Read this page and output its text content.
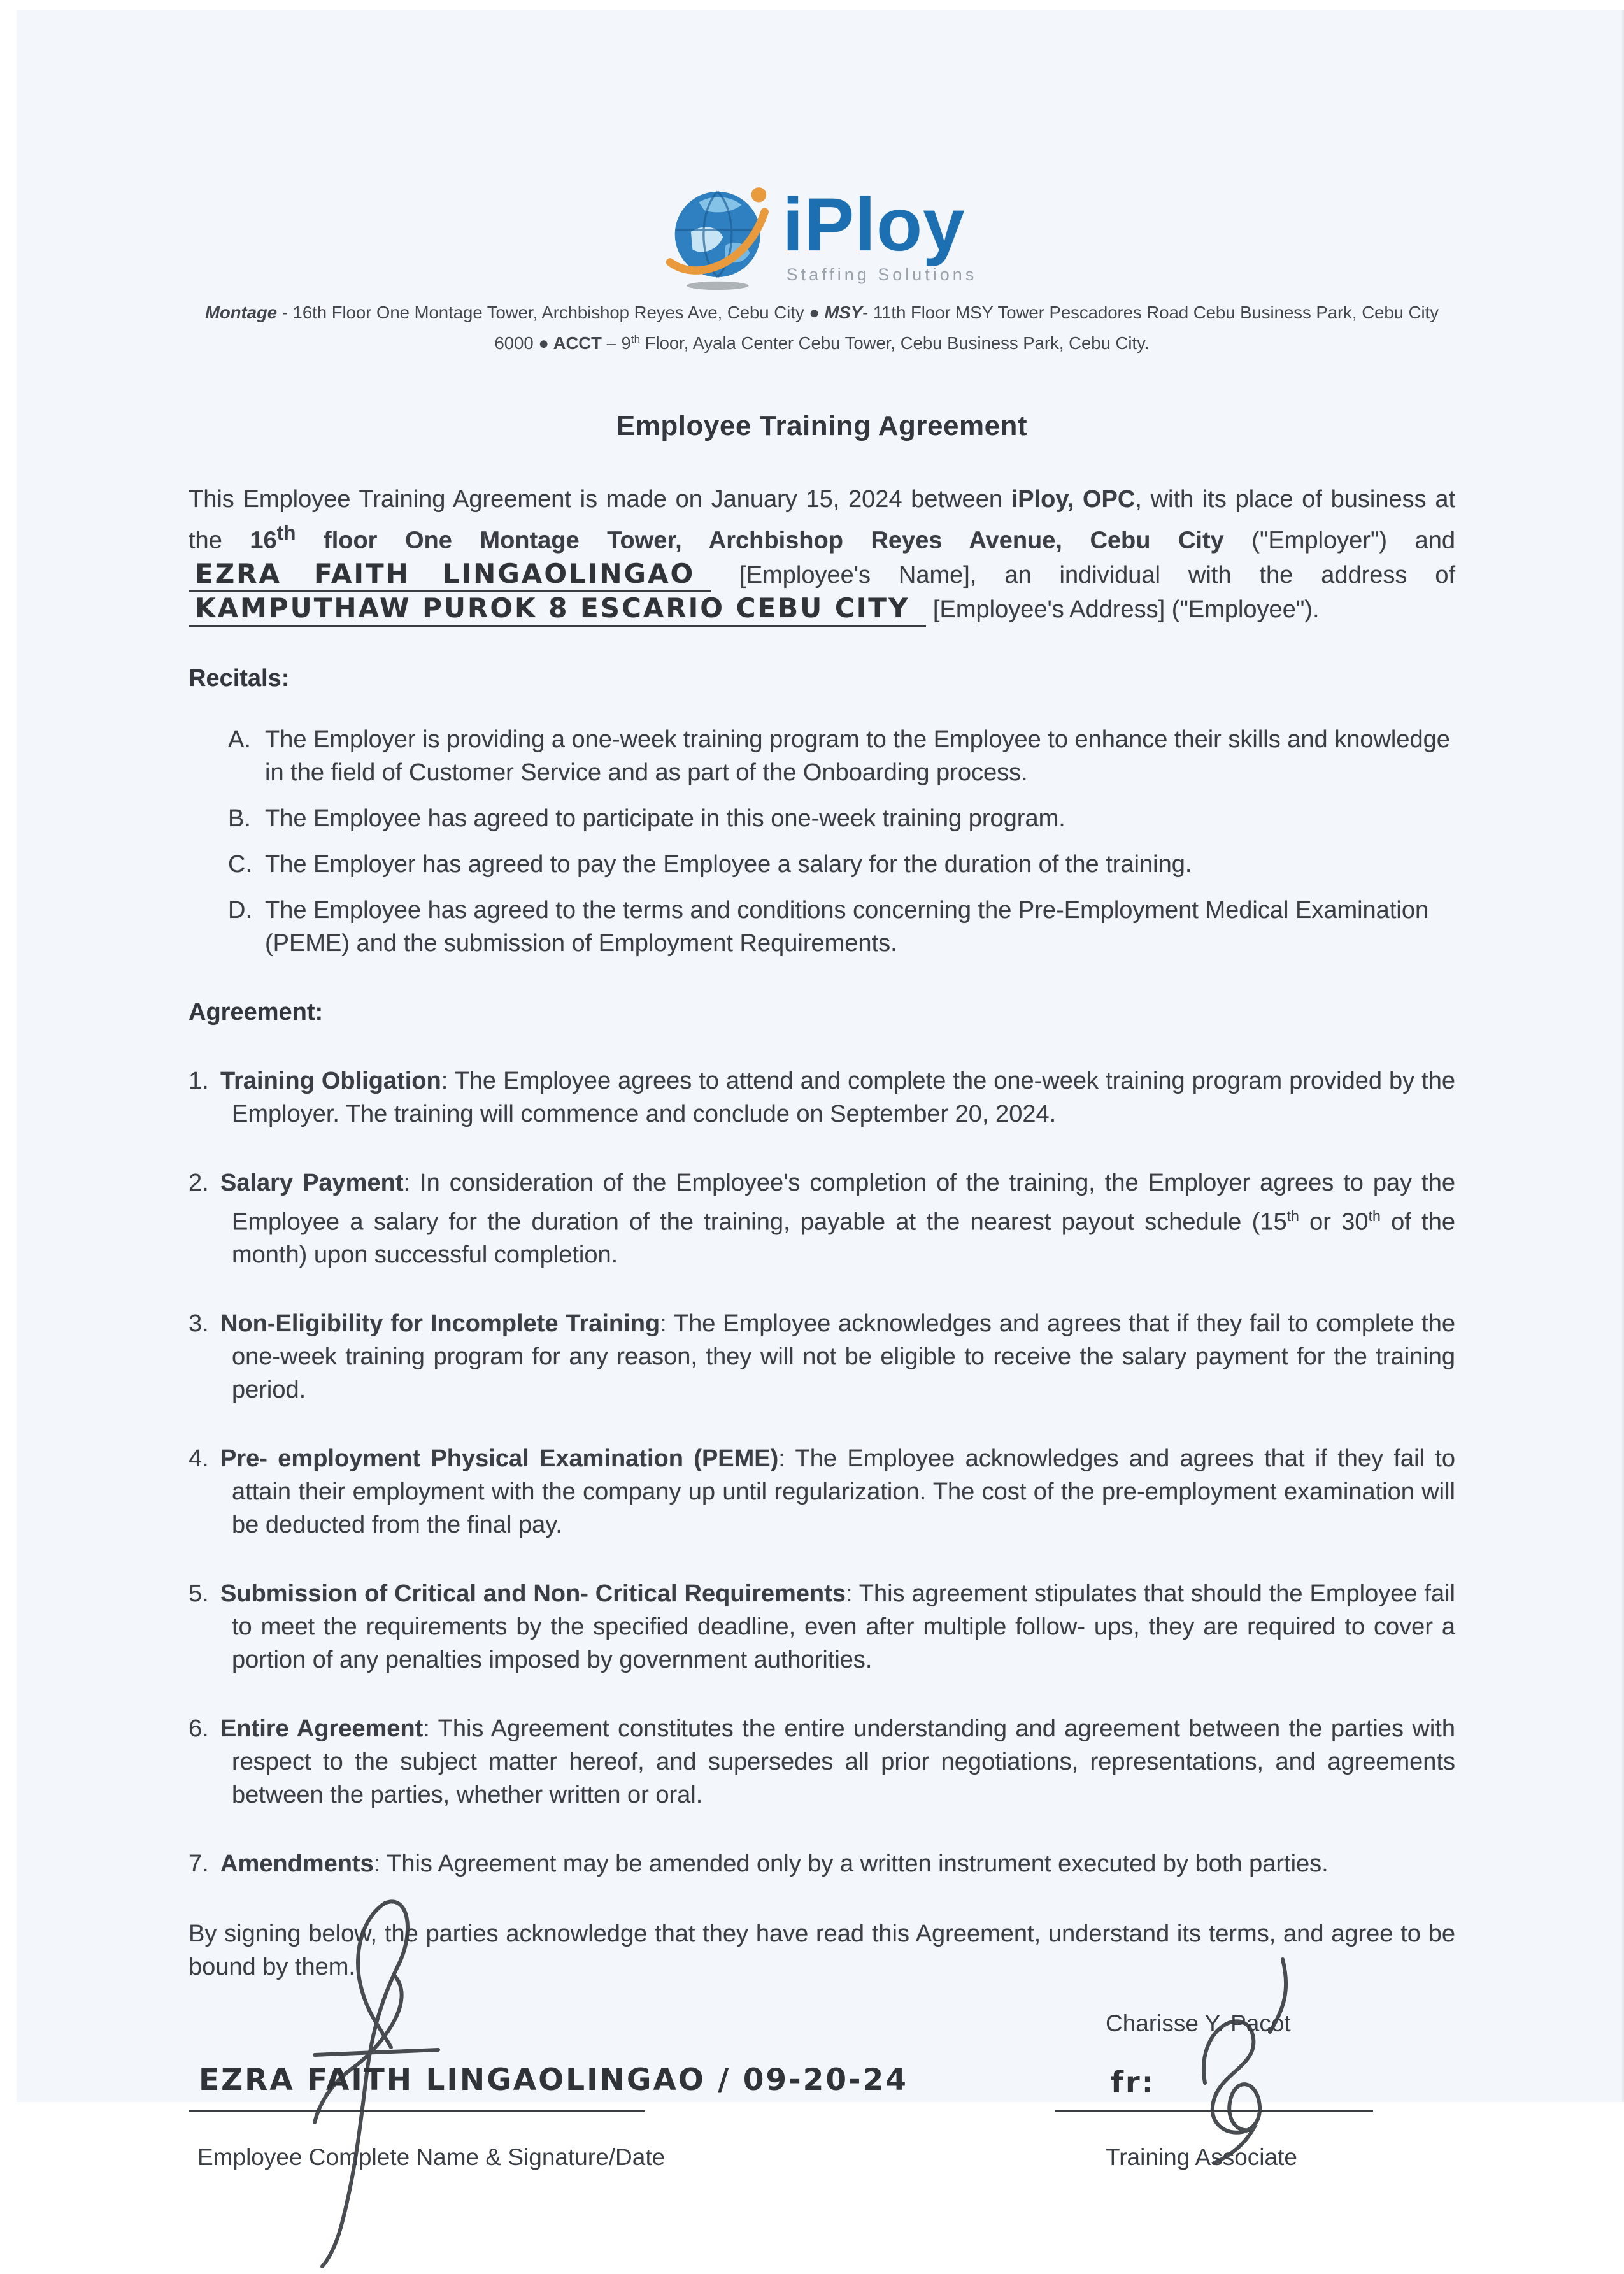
iPloy
Staffing Solutions
Montage - 16th Floor One Montage Tower, Archbishop Reyes Ave, Cebu City ● MSY- 11th Floor MSY Tower Pescadores Road Cebu Business Park, Cebu City
6000 ● ACCT – 9th Floor, Ayala Center Cebu Tower, Cebu Business Park, Cebu City.
Employee Training Agreement

This Employee Training Agreement is made on January 15, 2024 between iPloy, OPC, with its place of business at the 16th floor One Montage Tower, Archbishop Reyes Avenue, Cebu City ("Employer") and EZRA FAITH LINGAOLINGAO [Employee's Name], an individual with the address of KAMPUTHAW PUROK 8 ESCARIO CEBU CITY [Employee's Address] ("Employee").

Recitals:
A. The Employer is providing a one-week training program to the Employee to enhance their skills and knowledge in the field of Customer Service and as part of the Onboarding process.
B. The Employee has agreed to participate in this one-week training program.
C. The Employer has agreed to pay the Employee a salary for the duration of the training.
D. The Employee has agreed to the terms and conditions concerning the Pre-Employment Medical Examination (PEME) and the submission of Employment Requirements.
Agreement:
1. Training Obligation: The Employee agrees to attend and complete the one-week training program provided by the Employer. The training will commence and conclude on September 20, 2024.
2. Salary Payment: In consideration of the Employee's completion of the training, the Employer agrees to pay the Employee a salary for the duration of the training, payable at the nearest payout schedule (15th or 30th of the month) upon successful completion.
3. Non-Eligibility for Incomplete Training: The Employee acknowledges and agrees that if they fail to complete the one-week training program for any reason, they will not be eligible to receive the salary payment for the training period.
4. Pre- employment Physical Examination (PEME): The Employee acknowledges and agrees that if they fail to attain their employment with the company up until regularization. The cost of the pre-employment examination will be deducted from the final pay.
5. Submission of Critical and Non- Critical Requirements: This agreement stipulates that should the Employee fail to meet the requirements by the specified deadline, even after multiple follow- ups, they are required to cover a portion of any penalties imposed by government authorities.
6. Entire Agreement: This Agreement constitutes the entire understanding and agreement between the parties with respect to the subject matter hereof, and supersedes all prior negotiations, representations, and agreements between the parties, whether written or oral.
7. Amendments: This Agreement may be amended only by a written instrument executed by both parties.

By signing below, the parties acknowledge that they have read this Agreement, understand its terms, and agree to be bound by them.

Charisse Y. Pacot
EZRA FAITH LINGAOLINGAO / 09-20-24	fr:
Employee Complete Name & Signature/Date	Training Associate
